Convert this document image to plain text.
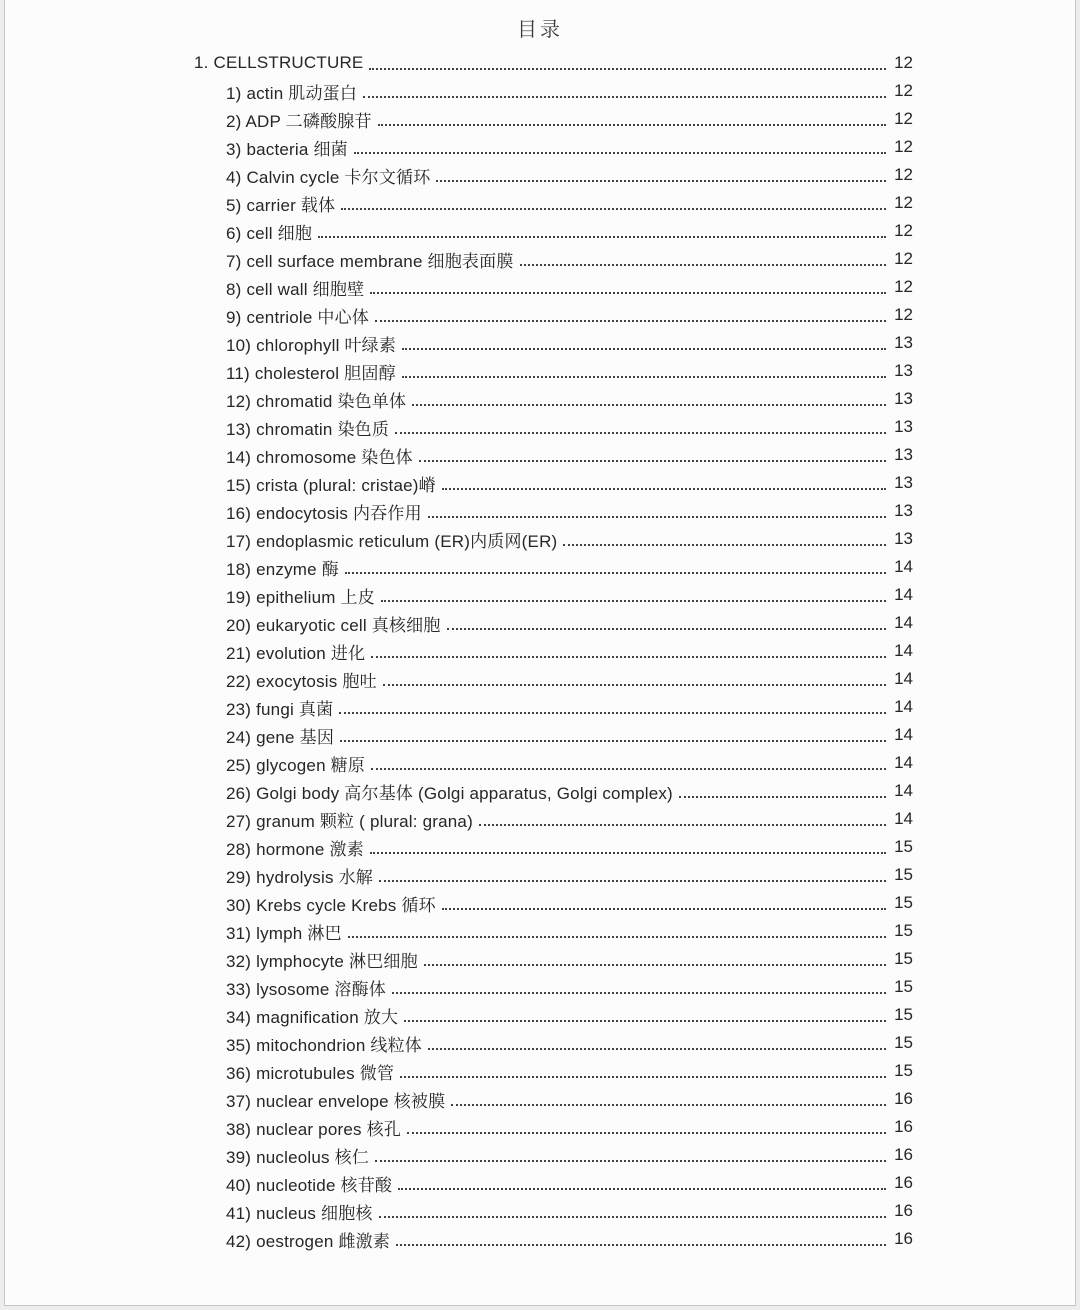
目录
1. CELLSTRUCTURE	12
1) actin 肌动蛋白	12
2) ADP 二磷酸腺苷	12
3) bacteria 细菌	12
4) Calvin cycle 卡尔文循环	12
5) carrier 载体	12
6) cell 细胞	12
7) cell surface membrane 细胞表面膜	12
8) cell wall 细胞壁	12
9) centriole 中心体	12
10) chlorophyll 叶绿素	13
11) cholesterol 胆固醇	13
12) chromatid 染色单体	13
13) chromatin 染色质	13
14) chromosome 染色体	13
15) crista (plural: cristae)嵴	13
16) endocytosis 内吞作用	13
17) endoplasmic reticulum (ER)内质网(ER)	13
18) enzyme 酶	14
19) epithelium 上皮	14
20) eukaryotic cell 真核细胞	14
21) evolution 进化	14
22) exocytosis 胞吐	14
23) fungi 真菌	14
24) gene 基因	14
25) glycogen 糖原	14
26) Golgi body 高尔基体 (Golgi apparatus, Golgi complex)	14
27) granum 颗粒 ( plural: grana)	14
28) hormone 激素	15
29) hydrolysis 水解	15
30) Krebs cycle Krebs 循环	15
31) lymph 淋巴	15
32) lymphocyte 淋巴细胞	15
33) lysosome 溶酶体	15
34) magnification 放大	15
35) mitochondrion 线粒体	15
36) microtubules 微管	15
37) nuclear envelope 核被膜	16
38) nuclear pores 核孔	16
39) nucleolus 核仁	16
40) nucleotide 核苷酸	16
41) nucleus 细胞核	16
42) oestrogen 雌激素	16
